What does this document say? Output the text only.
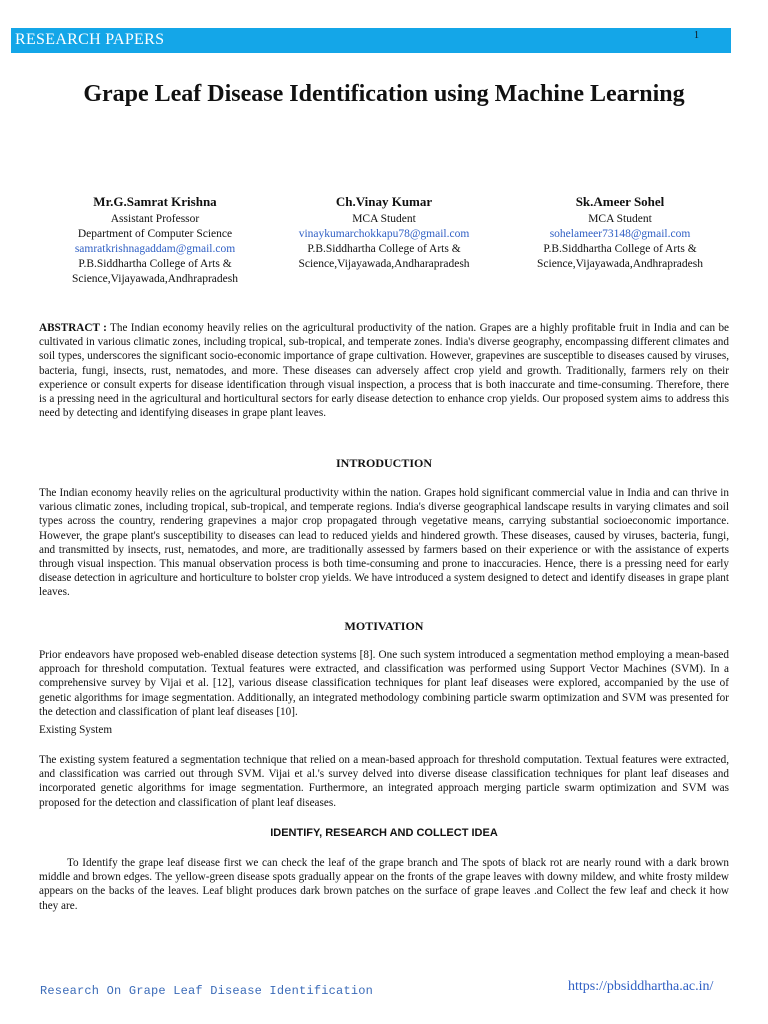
RESEARCH PAPERS	1
Grape Leaf Disease Identification using Machine Learning
Mr.G.Samrat Krishna
Assistant Professor
Department of Computer Science
samratkrishnagaddam@gmail.com
P.B.Siddhartha College of Arts &
Science,Vijayawada,Andhrapradesh
Ch.Vinay Kumar
MCA Student
vinaykumarchokkapu78@gmail.com
P.B.Siddhartha College of Arts &
Science,Vijayawada,Andharapradesh
Sk.Ameer Sohel
MCA Student
sohelameer73148@gmail.com
P.B.Siddhartha College of Arts &
Science,Vijayawada,Andhrapradesh

ABSTRACT : The Indian economy heavily relies on the agricultural productivity of the nation. Grapes are a highly profitable fruit in India and can be cultivated in various climatic zones, including tropical, sub-tropical, and temperate zones. India's diverse geography, encompassing different climates and soil types, underscores the significant socio-economic importance of grape cultivation. However, grapevines are susceptible to diseases caused by viruses, bacteria, fungi, insects, rust, nematodes, and more. These diseases can adversely affect crop yield and growth. Traditionally, farmers rely on their experience or consult experts for disease identification through visual inspection, a process that is both inaccurate and time-consuming. Therefore, there is a pressing need in the agricultural and horticultural sectors for early disease detection to enhance crop yields. Our proposed system aims to address this need by detecting and identifying diseases in grape plant leaves.

INTRODUCTION

The Indian economy heavily relies on the agricultural productivity within the nation. Grapes hold significant commercial value in India and can thrive in various climatic zones, including tropical, sub-tropical, and temperate regions. India's diverse geographical landscape results in varying climates and soil types across the country, rendering grapevines a major crop propagated through vegetative means, carrying substantial socioeconomic importance. However, the grape plant's susceptibility to diseases can lead to reduced yields and hindered growth. These diseases, caused by viruses, bacteria, fungi, and transmitted by insects, rust, nematodes, and more, are traditionally assessed by farmers based on their experience or with the assistance of experts through visual inspection. This manual observation process is both time-consuming and prone to inaccuracies. Hence, there is a pressing need for early disease detection in agriculture and horticulture to bolster crop yields. We have introduced a system designed to detect and identify diseases in grape plant leaves.

MOTIVATION

Prior endeavors have proposed web-enabled disease detection systems [8]. One such system introduced a segmentation method employing a mean-based approach for threshold computation. Textual features were extracted, and classification was performed using Support Vector Machines (SVM). In a comprehensive survey by Vijai et al. [12], various disease classification techniques for plant leaf diseases were explored, accompanied by the use of genetic algorithms for image segmentation. Additionally, an integrated methodology combining particle swarm optimization and SVM was presented for the detection and classification of plant leaf diseases [10].

Existing System

The existing system featured a segmentation technique that relied on a mean-based approach for threshold computation. Textual features were extracted, and classification was carried out through SVM. Vijai et al.'s survey delved into diverse disease classification techniques for plant leaf diseases and incorporated genetic algorithms for image segmentation. Furthermore, an integrated approach merging particle swarm optimization and SVM was proposed for the detection and classification of plant leaf diseases.

IDENTIFY, RESEARCH AND COLLECT IDEA

To Identify the grape leaf disease first we can check the leaf of the grape branch and The spots of black rot are nearly round with a dark brown middle and brown edges. The yellow-green disease spots gradually appear on the fronts of the grape leaves with downy mildew, and white frosty mildew appears on the backs of the leaves. Leaf blight produces dark brown patches on the surface of grape leaves .and Collect the few leaf and check it how they are.

Research On Grape Leaf Disease Identification	https://pbsiddhartha.ac.in/
